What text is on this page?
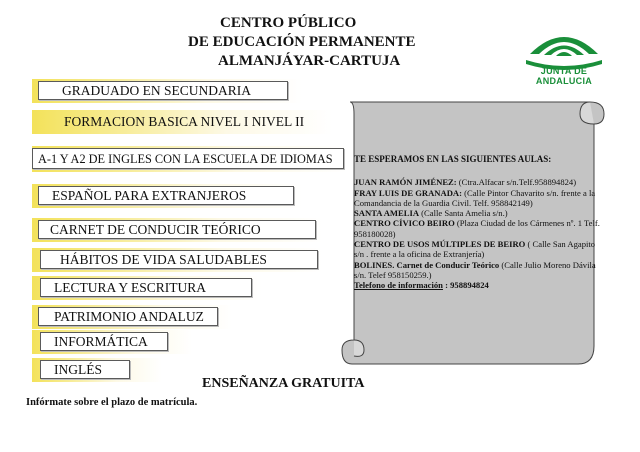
CENTRO PÚBLICO
DE EDUCACIÓN PERMANENTE
ALMANJÁYAR-CARTUJA
JUNTA DE ANDALUCIA
GRADUADO EN SECUNDARIA
FORMACION BASICA NIVEL I NIVEL II
A-1 Y A2 DE INGLES CON LA ESCUELA DE IDIOMAS
ESPAÑOL PARA EXTRANJEROS
CARNET DE CONDUCIR TEÓRICO
HÁBITOS DE VIDA SALUDABLES
LECTURA Y ESCRITURA
PATRIMONIO ANDALUZ
INFORMÁTICA
INGLÉS
TE ESPERAMOS EN LAS SIGUIENTES AULAS:
JUAN RAMÓN JIMÉNEZ: (Ctra.Alfacar s/n.Telf.958894824)
FRAY LUIS DE GRANADA: (Calle Pintor Chavarito s/n. frente a la Comandancia de la Guardia Civil. Telf. 958842149)
SANTA AMELIA (Calle Santa Amelia s/n.)
CENTRO CÍVICO BEIRO (Plaza Ciudad de los Cármenes nº. 1 Telf. 958180028)
CENTRO DE USOS MÚLTIPLES DE BEIRO ( Calle San Agapito s/n . frente a la oficina de Extranjería)
BOLINES. Carnet de Conducir Teórico (Calle Julio Moreno Dávila s/n. Telef 958150259.)
Telefono de información : 958894824
ENSEÑANZA GRATUITA
Infórmate sobre el plazo de matrícula.
